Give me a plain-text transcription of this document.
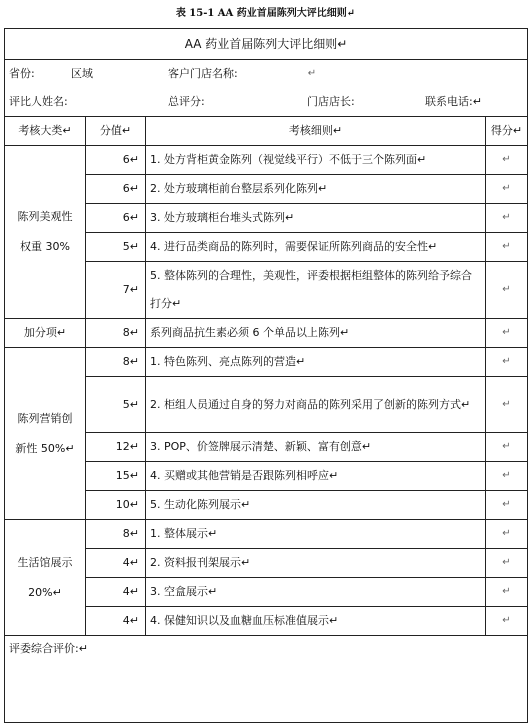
表 15-1 AA 药业首届陈列大评比细则↵
AA 药业首届陈列大评比细则↵			

省份: 区域 客户门店名称: ↵			

评比人姓名: 总评分: 门店店长: 联系电话:↵			

考核大类↵	分值↵	考核细则↵	得分↵

陈列美观性
权重 30%	6↵	1. 处方背柜黄金陈列（视觉线平行）不低于三个陈列面↵	↵
	6↵	2. 处方玻璃柜前台整层系列化陈列↵	↵
	6↵	3. 处方玻璃柜台堆头式陈列↵	↵
	5↵	4. 进行品类商品的陈列时，需要保证所陈列商品的安全性↵	↵
	7↵	5. 整体陈列的合理性，美观性，评委根据柜组整体的陈列给予综合打分↵	↵
加分项↵	8↵	系列商品抗生素必须 6 个单品以上陈列↵	↵

陈列营销创
新性 50%↵	8↵	1. 特色陈列、亮点陈列的营造↵	↵
	5↵	2. 柜组人员通过自身的努力对商品的陈列采用了创新的陈列方式↵	↵
	12↵	3. POP、价签牌展示清楚、新颖、富有创意↵	↵
	15↵	4. 买赠或其他营销是否跟陈列相呼应↵	↵
	10↵	5. 生动化陈列展示↵	↵

生活馆展示
20%↵	8↵	1. 整体展示↵	↵
	4↵	2. 资料报刊架展示↵	↵
	4↵	3. 空盒展示↵	↵
	4↵	4. 保健知识以及血糖血压标准值展示↵	↵
评委综合评价:↵			
